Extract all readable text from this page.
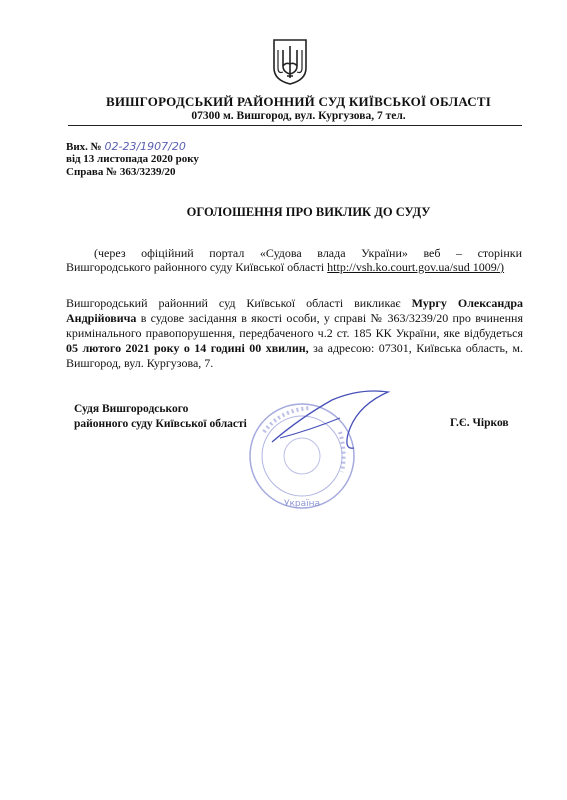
ВИШГОРОДСЬКИЙ РАЙОННИЙ СУД КИЇВСЬКОЇ ОБЛАСТІ
07300 м. Вишгород, вул. Кургузова, 7 тел.
Вих. № 02-23/1907/20
від 13 листопада 2020 року
Справа № 363/3239/20
ОГОЛОШЕННЯ ПРО ВИКЛИК ДО СУДУ
(через офіційний портал «Судова влада України» веб – сторінки
Вишгородського районного суду Київської області http://vsh.ko.court.gov.ua/sud 1009/)
Вишгородський районний суд Київської області викликає Мургу Олександра Андрійовича в судове засідання в якості особи, у справі № 363/3239/20 про вчинення кримінального правопорушення, передбаченого ч.2 ст. 185 КК України, яке відбудеться 05 лютого 2021 року о 14 годині 00 хвилин, за адресою: 07301, Київська область, м. Вишгород, вул. Кургузова, 7.
Україна
Судя Вишгородського
районного суду Київської області	Г.Є. Чірков
